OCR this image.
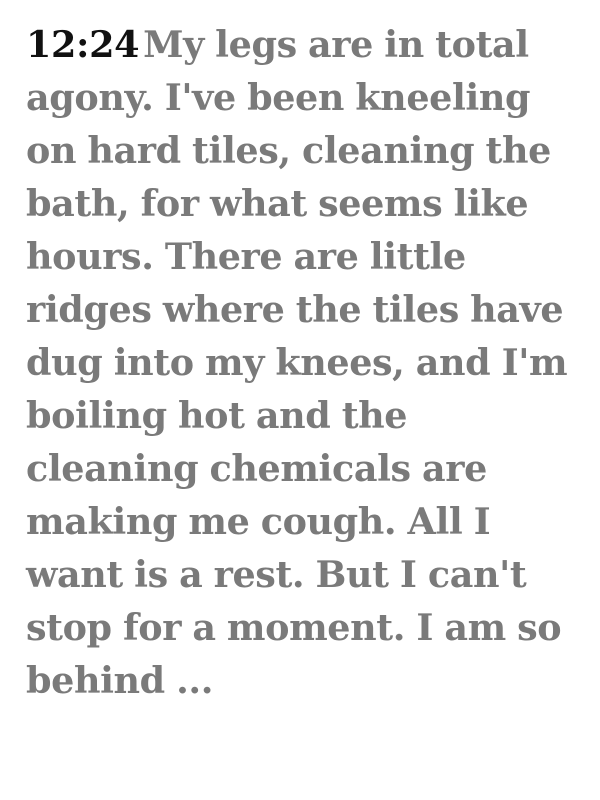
12:24 My legs are in total agony. I've been kneeling on hard tiles, cleaning the bath, for what seems like hours. There are little ridges where the tiles have dug into my knees, and I'm boiling hot and the cleaning chemicals are making me cough. All I want is a rest. But I can't stop for a moment. I am so behind ...
